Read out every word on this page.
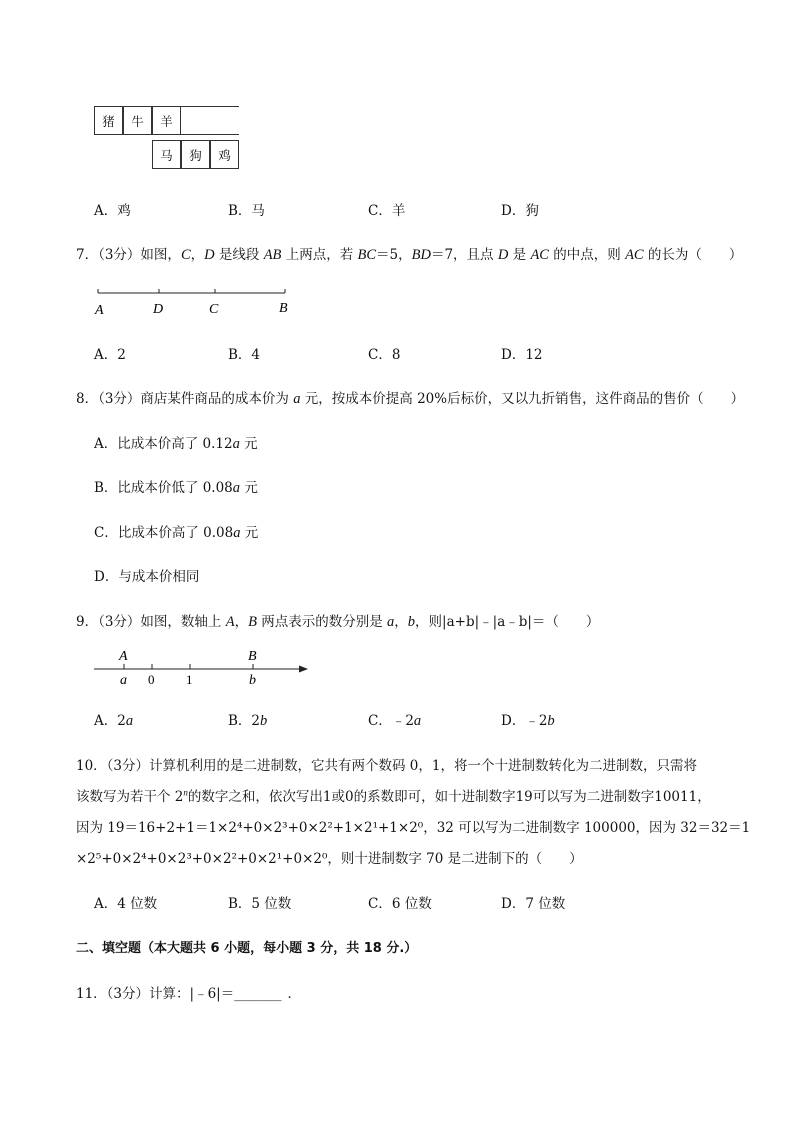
猪	牛	羊
马	狗	鸡
A．鸡	B．马	C．羊	D．狗
7．（3分）如图，C，D 是线段 AB 上两点，若 BC＝5，BD＝7，且点 D 是 AC 的中点，则 AC 的长为（　　）
A	D	C	B
A．2	B．4	C．8	D．12
8．（3分）商店某件商品的成本价为 a 元，按成本价提高 20%后标价，又以九折销售，这件商品的售价（　　）
A．比成本价高了 0.12a 元
B．比成本价低了 0.08a 元
C．比成本价高了 0.08a 元
D．与成本价相同
9．（3分）如图，数轴上 A，B 两点表示的数分别是 a，b，则|a+b|﹣|a﹣b|＝（　　）
A	B
a 0 1	b
A．2a	B．2b	C．﹣2a	D．﹣2b
10．（3分）计算机利用的是二进制数，它共有两个数码 0，1，将一个十进制数转化为二进制数，只需将
该数写为若干个 2$^n$的数字之和，依次写出1或0的系数即可，如十进制数字19可以写为二进制数字10011，
因为 19＝16+2+1＝1×2⁴+0×2³+0×2²+1×2¹+1×2⁰，32 可以写为二进制数字 100000，因为 32＝32＝1
×2⁵+0×2⁴+0×2³+0×2²+0×2¹+0×2⁰，则十进制数字 70 是二进制下的（　　）
A．4 位数	B．5 位数	C．6 位数	D．7 位数
二、填空题（本大题共 6 小题，每小题 3 分，共 18 分.）
11．（3分）计算：|﹣6|＝_______ ．
